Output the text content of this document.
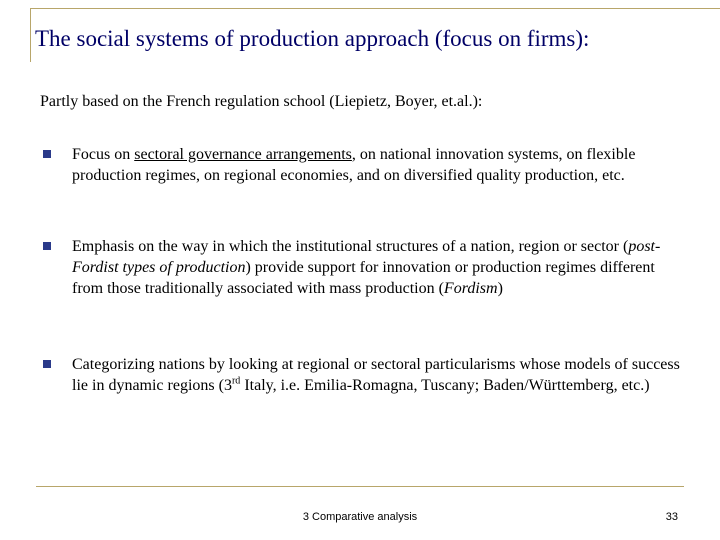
The social systems of production approach (focus on firms):

Partly based on the French regulation school (Liepietz, Boyer, et.al.):

Focus on sectoral governance arrangements, on national innovation systems, on flexible production regimes, on regional economies, and on diversified quality production, etc.
Emphasis on the way in which the institutional structures of a nation, region or sector (post-Fordist types of production) provide support for innovation or production regimes different from those traditionally associated with mass production (Fordism)
Categorizing nations by looking at regional or sectoral particularisms whose models of success lie in dynamic regions (3rd Italy, i.e. Emilia-Romagna, Tuscany; Baden/Württemberg, etc.)
3 Comparative analysis	33
